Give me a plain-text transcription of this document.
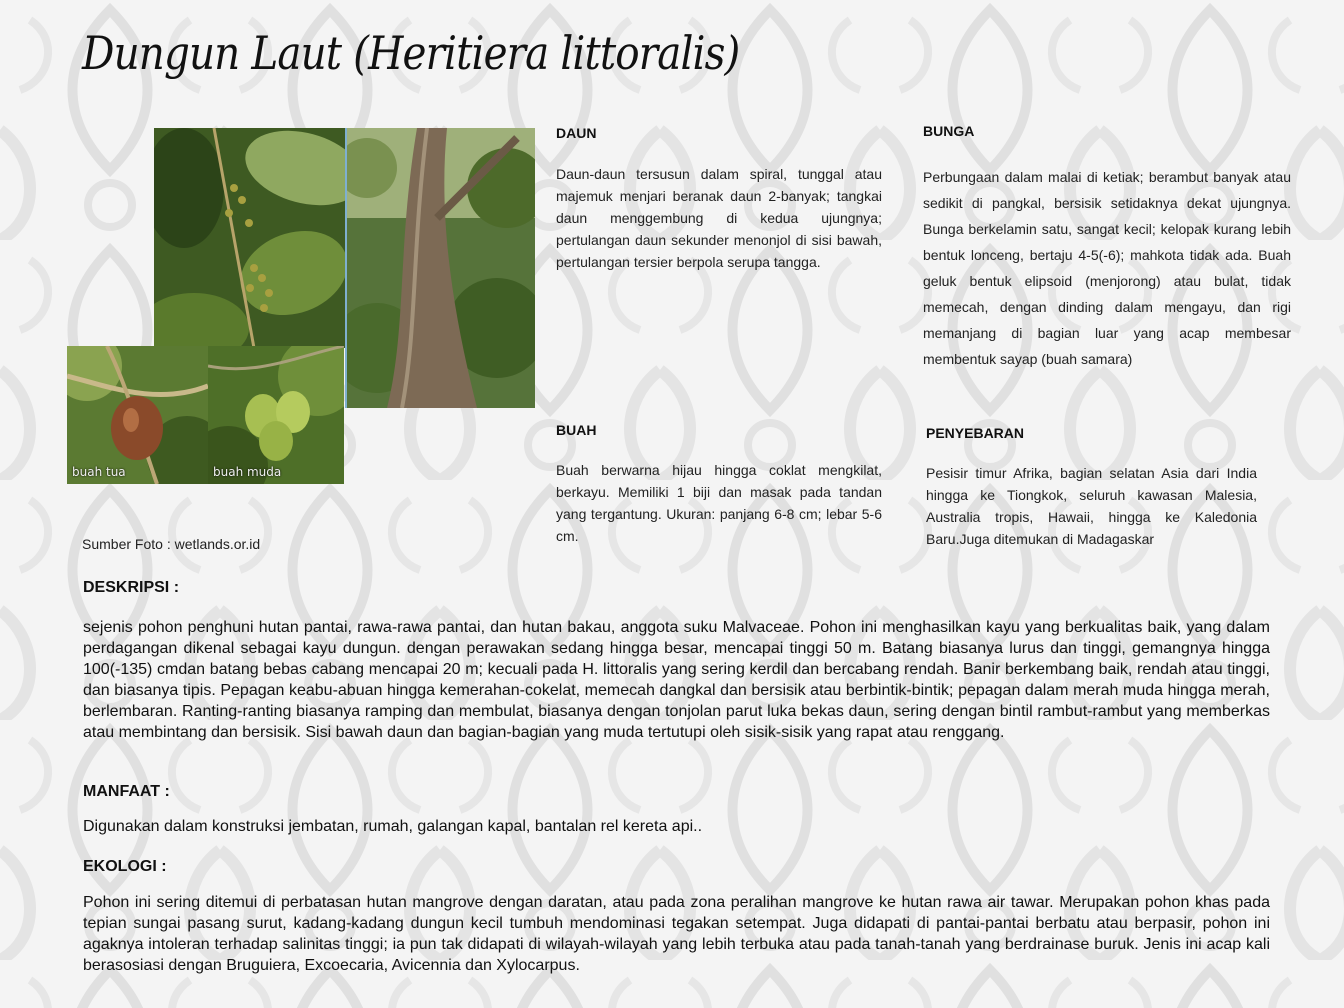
Dungun Laut (Heritiera littoralis)
buah tua	buah muda
Sumber Foto : wetlands.or.id
DAUN

Daun-daun tersusun dalam spiral, tunggal atau majemuk menjari beranak daun 2-banyak; tangkai daun menggembung di kedua ujungnya; pertulangan daun sekunder menonjol di sisi bawah, pertulangan tersier berpola serupa tangga.

BUNGA

Perbungaan dalam malai di ketiak; berambut banyak atau sedikit di pangkal, bersisik setidaknya dekat ujungnya. Bunga berkelamin satu, sangat kecil; kelopak kurang lebih bentuk lonceng, bertaju 4-5(-6); mahkota tidak ada. Buah geluk bentuk elipsoid (menjorong) atau bulat, tidak memecah, dengan dinding dalam mengayu, dan rigi memanjang di bagian luar yang acap membesar membentuk sayap (buah samara)

BUAH

Buah berwarna hijau hingga coklat mengkilat, berkayu. Memiliki 1 biji dan masak pada tandan yang tergantung. Ukuran: panjang 6-8 cm; lebar 5-6 cm.

PENYEBARAN

Pesisir timur Afrika, bagian selatan Asia dari India hingga ke Tiongkok, seluruh kawasan Malesia, Australia tropis, Hawaii, hingga ke Kaledonia Baru.Juga ditemukan di Madagaskar

DESKRIPSI :

sejenis pohon penghuni hutan pantai, rawa-rawa pantai, dan hutan bakau, anggota suku Malvaceae. Pohon ini menghasilkan kayu yang berkualitas baik, yang dalam perdagangan dikenal sebagai kayu dungun. dengan perawakan sedang hingga besar, mencapai tinggi 50 m. Batang biasanya lurus dan tinggi, gemangnya hingga 100(-135) cmdan batang bebas cabang mencapai 20 m; kecuali pada H. littoralis yang sering kerdil dan bercabang rendah. Banir berkembang baik, rendah atau tinggi, dan biasanya tipis. Pepagan keabu-abuan hingga kemerahan-cokelat, memecah dangkal dan bersisik atau berbintik-bintik; pepagan dalam merah muda hingga merah, berlembaran. Ranting-ranting biasanya ramping dan membulat, biasanya dengan tonjolan parut luka bekas daun, sering dengan bintil rambut-rambut yang memberkas atau membintang dan bersisik. Sisi bawah daun dan bagian-bagian yang muda tertutupi oleh sisik-sisik yang rapat atau renggang.

MANFAAT :

Digunakan dalam konstruksi jembatan, rumah, galangan kapal, bantalan rel kereta api..

EKOLOGI :

Pohon ini sering ditemui di perbatasan hutan mangrove dengan daratan, atau pada zona peralihan mangrove ke hutan rawa air tawar. Merupakan pohon khas pada tepian sungai pasang surut, kadang-kadang dungun kecil tumbuh mendominasi tegakan setempat. Juga didapati di pantai-pantai berbatu atau berpasir, pohon ini agaknya intoleran terhadap salinitas tinggi; ia pun tak didapati di wilayah-wilayah yang lebih terbuka atau pada tanah-tanah yang berdrainase buruk. Jenis ini acap kali berasosiasi dengan Bruguiera, Excoecaria, Avicennia dan Xylocarpus.
